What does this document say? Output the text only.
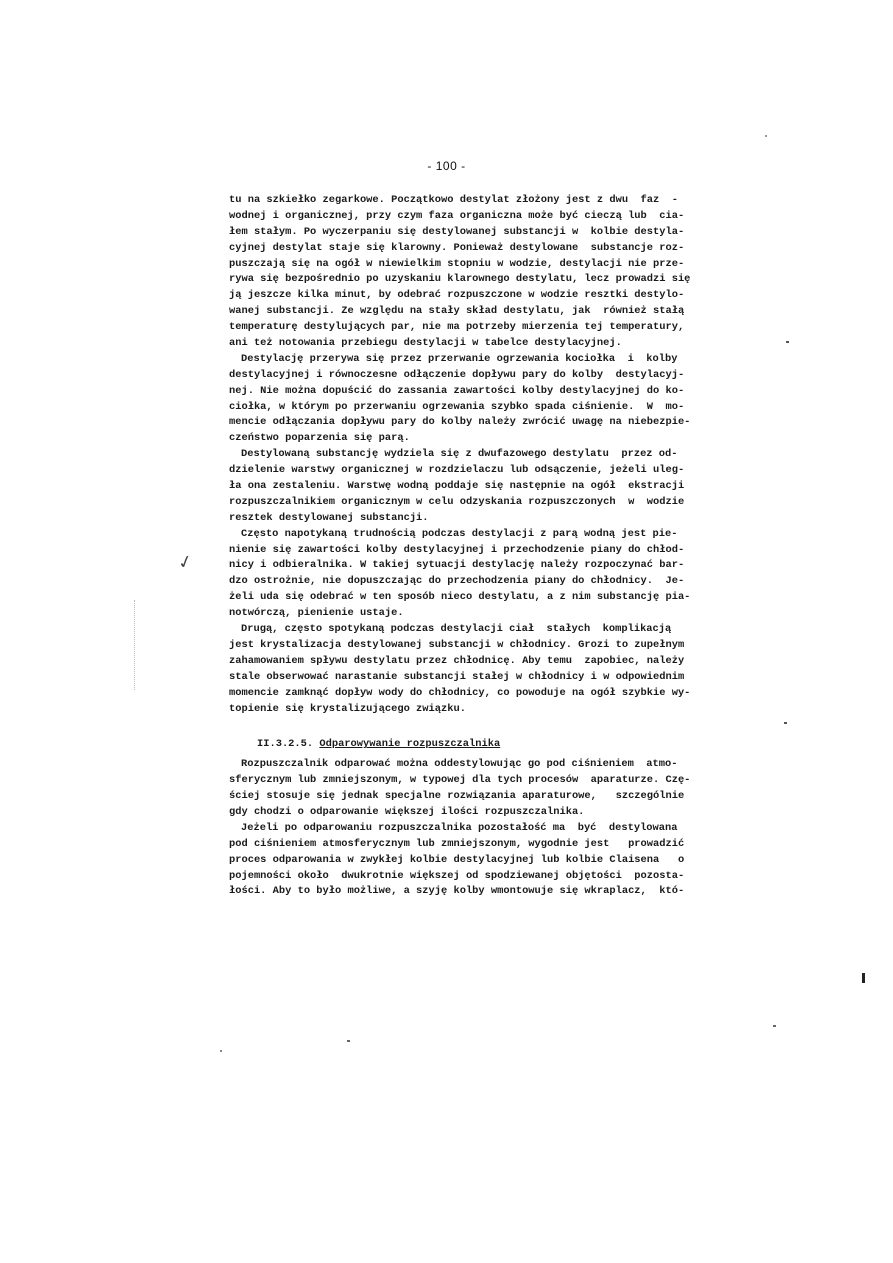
- 100 -
tu na szkiełko zegarkowe. Początkowo destylat złożony jest z dwu  faz  -
wodnej i organicznej, przy czym faza organiczna może być cieczą lub  cia-
łem stałym. Po wyczerpaniu się destylowanej substancji w  kolbie destyla-
cyjnej destylat staje się klarowny. Ponieważ destylowane  substancje roz-
puszczają się na ogół w niewielkim stopniu w wodzie, destylacji nie prze-
rywa się bezpośrednio po uzyskaniu klarownego destylatu, lecz prowadzi się
ją jeszcze kilka minut, by odebrać rozpuszczone w wodzie resztki destylo-
wanej substancji. Ze względu na stały skład destylatu, jak  również stałą
temperaturę destylujących par, nie ma potrzeby mierzenia tej temperatury,
ani też notowania przebiegu destylacji w tabelce destylacyjnej.
Destylację przerywa się przez przerwanie ogrzewania kociołka  i  kolby
destylacyjnej i równoczesne odłączenie dopływu pary do kolby  destylacyj-
nej. Nie można dopuścić do zassania zawartości kolby destylacyjnej do ko-
ciołka, w którym po przerwaniu ogrzewania szybko spada ciśnienie.  W  mo-
mencie odłączania dopływu pary do kolby należy zwrócić uwagę na niebezpie-
czeństwo poparzenia się parą.
Destylowaną substancję wydziela się z dwufazowego destylatu  przez od-
dzielenie warstwy organicznej w rozdzielaczu lub odsączenie, jeżeli uleg-
ła ona zestaleniu. Warstwę wodną poddaje się następnie na ogół  ekstracji
rozpuszczalnikiem organicznym w celu odzyskania rozpuszczonych  w  wodzie
resztek destylowanej substancji.
Często napotykaną trudnością podczas destylacji z parą wodną jest pie-
nienie się zawartości kolby destylacyjnej i przechodzenie piany do chłod-
nicy i odbieralnika. W takiej sytuacji destylację należy rozpoczynać bar-
dzo ostrożnie, nie dopuszczając do przechodzenia piany do chłodnicy.  Je-
żeli uda się odebrać w ten sposób nieco destylatu, a z nim substancję pia-
notwórczą, pienienie ustaje.
Drugą, często spotykaną podczas destylacji ciał  stałych  komplikacją
jest krystalizacja destylowanej substancji w chłodnicy. Grozi to zupełnym
zahamowaniem spływu destylatu przez chłodnicę. Aby temu  zapobiec, należy
stale obserwować narastanie substancji stałej w chłodnicy i w odpowiednim
momencie zamknąć dopływ wody do chłodnicy, co powoduje na ogół szybkie wy-
topienie się krystalizującego związku.
II.3.2.5. Odparowywanie rozpuszczalnika
Rozpuszczalnik odparować można oddestylowując go pod ciśnieniem  atmo-
sferycznym lub zmniejszonym, w typowej dla tych procesów  aparaturze. Czę-
ściej stosuje się jednak specjalne rozwiązania aparaturowe,   szczególnie
gdy chodzi o odparowanie większej ilości rozpuszczalnika.
Jeżeli po odparowaniu rozpuszczalnika pozostałość ma  być  destylowana
pod ciśnieniem atmosferycznym lub zmniejszonym, wygodnie jest   prowadzić
proces odparowania w zwykłej kolbie destylacyjnej lub kolbie Claisena   o
pojemności około  dwukrotnie większej od spodziewanej objętości  pozosta-
łości. Aby to było możliwe, a szyję kolby wmontowuje się wkraplacz,  któ-
✓
